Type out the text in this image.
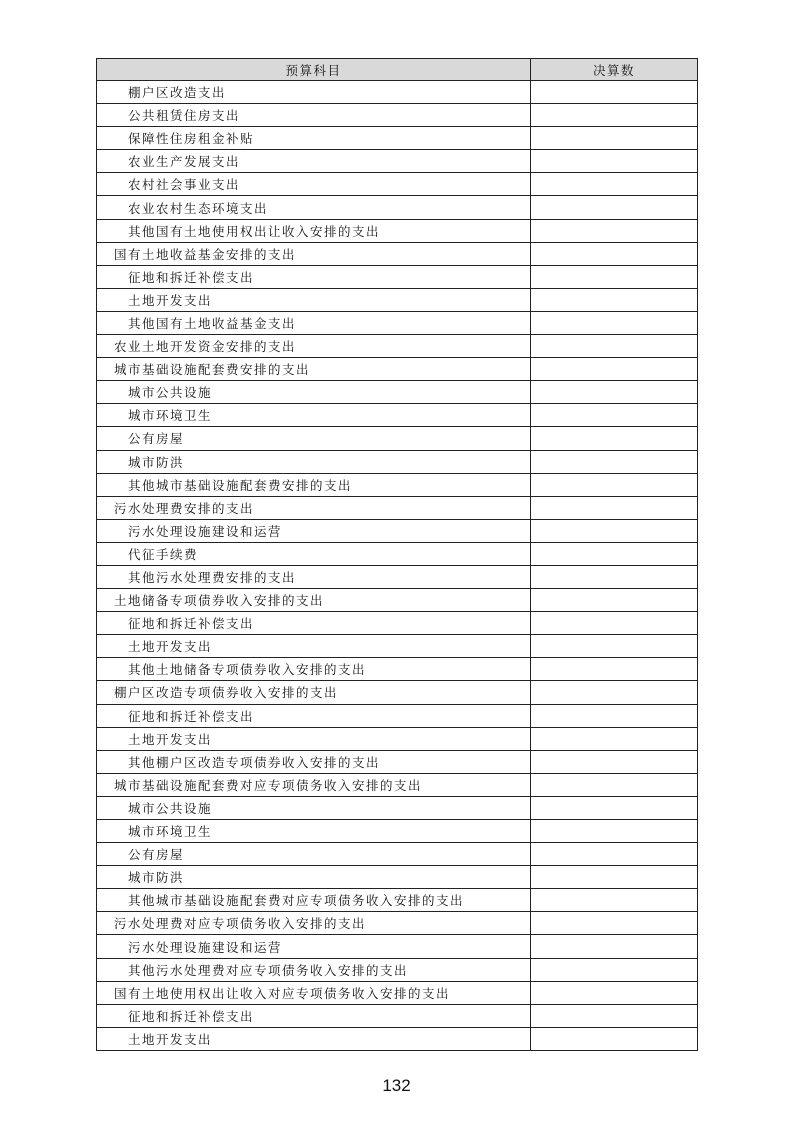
预算科目	决算数
棚户区改造支出	
公共租赁住房支出	
保障性住房租金补贴	
农业生产发展支出	
农村社会事业支出	
农业农村生态环境支出	
其他国有土地使用权出让收入安排的支出	
国有土地收益基金安排的支出	
征地和拆迁补偿支出	
土地开发支出	
其他国有土地收益基金支出	
农业土地开发资金安排的支出	
城市基础设施配套费安排的支出	
城市公共设施	
城市环境卫生	
公有房屋	
城市防洪	
其他城市基础设施配套费安排的支出	
污水处理费安排的支出	
污水处理设施建设和运营	
代征手续费	
其他污水处理费安排的支出	
土地储备专项债券收入安排的支出	
征地和拆迁补偿支出	
土地开发支出	
其他土地储备专项债券收入安排的支出	
棚户区改造专项债券收入安排的支出	
征地和拆迁补偿支出	
土地开发支出	
其他棚户区改造专项债券收入安排的支出	
城市基础设施配套费对应专项债务收入安排的支出	
城市公共设施	
城市环境卫生	
公有房屋	
城市防洪	
其他城市基础设施配套费对应专项债务收入安排的支出	
污水处理费对应专项债务收入安排的支出	
污水处理设施建设和运营	
其他污水处理费对应专项债务收入安排的支出	
国有土地使用权出让收入对应专项债务收入安排的支出	
征地和拆迁补偿支出	
土地开发支出	
132
